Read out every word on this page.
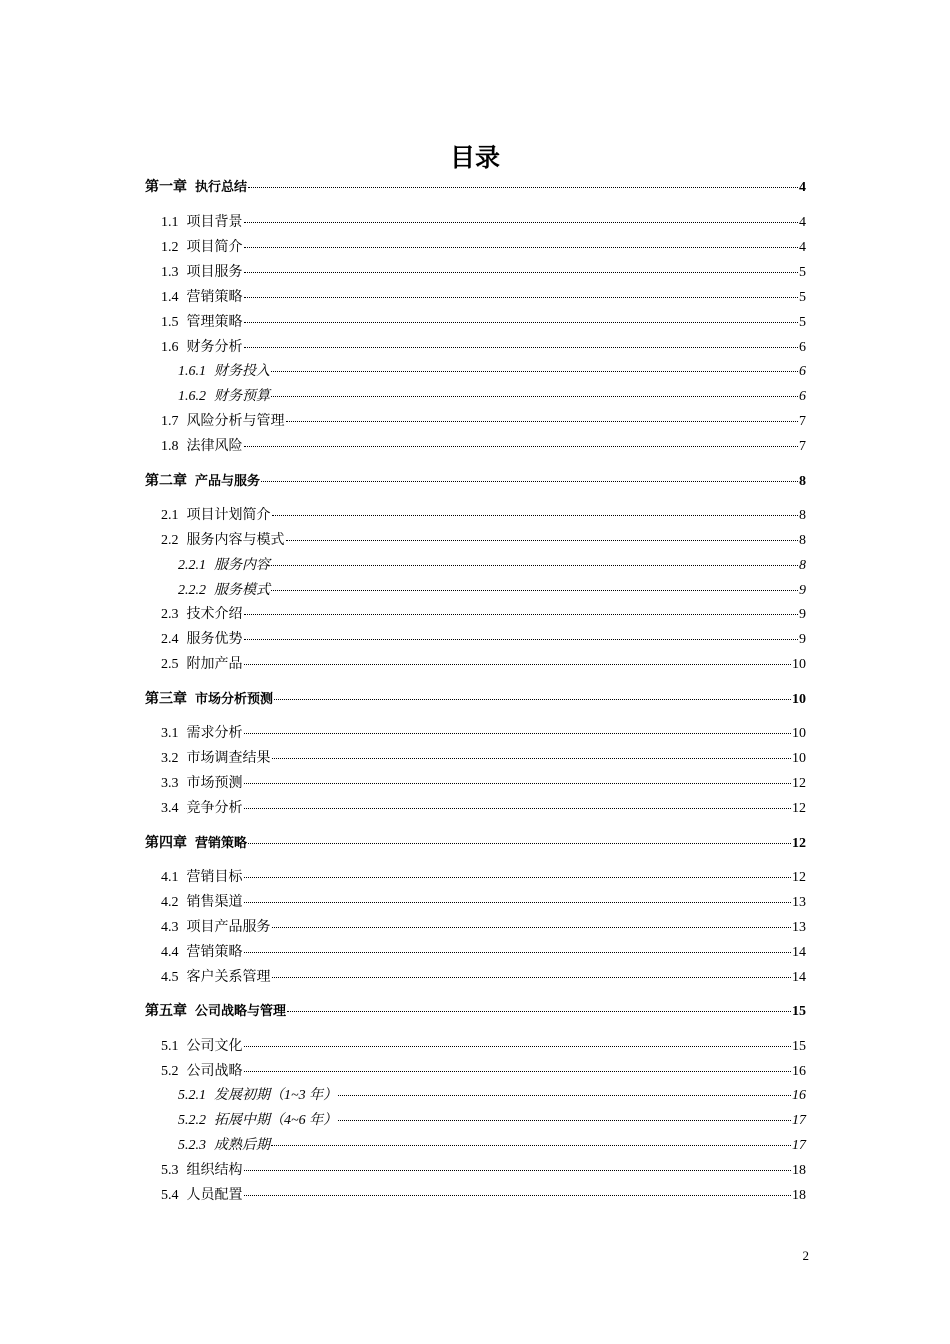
目录
第一章 执行总结	4
1.1 项目背景	4
1.2 项目简介	4
1.3 项目服务	5
1.4 营销策略	5
1.5 管理策略	5
1.6 财务分析	6
1.6.1 财务投入	6
1.6.2 财务预算	6
1.7 风险分析与管理	7
1.8 法律风险	7
第二章 产品与服务	8
2.1 项目计划简介	8
2.2 服务内容与模式	8
2.2.1 服务内容	8
2.2.2 服务模式	9
2.3 技术介绍	9
2.4 服务优势	9
2.5 附加产品	10
第三章 市场分析预测	10
3.1 需求分析	10
3.2 市场调查结果	10
3.3 市场预测	12
3.4 竞争分析	12
第四章 营销策略	12
4.1 营销目标	12
4.2 销售渠道	13
4.3 项目产品服务	13
4.4 营销策略	14
4.5 客户关系管理	14
第五章 公司战略与管理	15
5.1 公司文化	15
5.2 公司战略	16
5.2.1 发展初期（1~3 年）	16
5.2.2 拓展中期（4~6 年）	17
5.2.3 成熟后期	17
5.3 组织结构	18
5.4 人员配置	18
2
